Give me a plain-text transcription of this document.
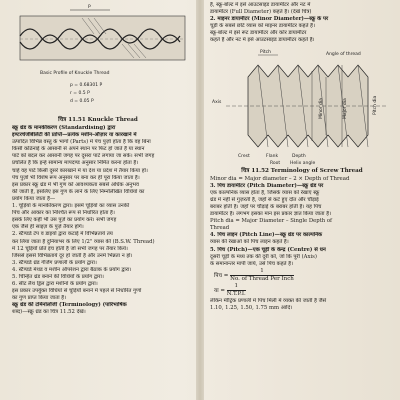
P
Basic Profile of Knuckle Thread
p = 0.68301 P
r = 0.5 P
d = 0.05 P
चित्र 11.51 Knuckle Thread
स्क्रू थ्रेड के मानकीकरण (Standardising) द्वारा
इण्टरचेंजेबिलिटी की प्राप्ति—प्रत्येक मशीन-औज़ार या कारखाने में
उत्पादित विभिन्न वस्तु के भागों (Parts) में पेच पुर्ज़ा होता है कि वह बिना
किसी कठिनाई के आसानी से अपने स्थान पर फिट हो जाते हैं या स्थान
पार्ट को बदल कर आसानी जगह पर दूसरा पार्ट लगाया जा सके। सभी जगह
प्रचलित है कि इन्हें सामान्य मापदण्ड अनुसार निर्मित करना होता है।
चाहे वह पार्ट किसी दूसरे कारखाने में या देश या प्रदेश में तैयार किया हो।
पेच पुर्ज़ा भी विशेष रूप अनुसार पर बना कर ही पूरा किया जाता है।
इस प्रकार स्क्रू थ्रेड में भी गुण को आवश्यकता सबसे अधिक अनुभव
की जाती है, इसलिए इस गुण के लाने के लिए निम्नलिखित विधियों का
प्रयोग किया जाता है—
1. चूड़ियों के मानकीकरण द्वारा। इसमें चूड़ियों का व्यास उनकी
पिच और आकार का निश्चित रूप से निर्धारित होता है।
इसके लिए कहीं भी उस पुर्ज़े का प्रयोग करें। सभी जगह
एक जैसे ही साइज़ के पुर्ज़े तैयार होंगे।
2. स्टैण्डर्ड टेप व डाइयों द्वारा कटाई में विभिन्नतायें तय
कर लिया जाता है दुनियाभर के लिए 1/2" व्यास की (B.S.W. Thread)
में 12 चूड़ियाँ प्रति इंच होती हैं जो सभी जगह पर तैयार किये।
जिससे इससे विभिन्नताये दूर हो जाती हैं और उनमें भिन्नता न हो।
3. स्टैण्डर्ड थ्रेड गेजिंग प्रणाली के प्रयोग द्वारा।
4. स्टैण्डर्ड मेथड व मशीन ऑपरेशन द्वारा बैठाक के प्रयोग द्वारा।
5. चिन्हित थ्रेड बनाने की विधियाँ के प्रयोग द्वारा।
6. सीट लैथ ड्रिल द्वारा मशीनों के प्रयोग द्वारा।
इस प्रकार उपर्युक्त विधियों से चूड़ियाँ बनाने में पहले से निर्धारित गुणों
का गुण प्राप्त किया जाता है।
स्क्रू थ्रेड की टर्मिनोलॉजी (Terminology) (पारिभाषिक
शब्द)—स्क्रू थ्रेड का चित्र 11.52 देखें।
हैं, स्क्रू-बोल्ट में इसे आउटसाइड डायामीटर और नट में
डायामीटर (Full Diameter) कहते हैं। (देखें चित्र)
2. माइनर डायामीटर (Minor Diameter)—स्क्रू के पर
चूड़ी के सबसे छोटे व्यास को माइनर डायामीटर कहते हैं।
स्क्रू-बोल्ट में इसे रूट डायामीटर और कोर डायामीटर
कहते हैं और नट में इसे आउटसाइड डायामीटर कहते हैं।
Pitch	Angle of thread
Axis	Minor dia	Major dia	Pitch dia
Crest	Flank	Depth
Root Helix angle
चित्र 11.52 Terminology of Screw Thread
Minor dia = Major diameter – 2 × Depth of Thread
3. पिच डायामीटर (Pitch Diameter)—स्क्रू थ्रेड पर
एक काल्पनिक व्यास होता है, जिसके व्यास को रेखाएं स्क्रू
थ्रेड में नहीं से गुज़रती हैं, जहाँ से कटे हुए दाँत और चौड़ाई
बराबर होती है। जहाँ पर चौड़ाई के बराबर होती है। यह पिच
डायामीटर है। लगभग इसका मान इस प्रकार ज्ञात किया जाता है।
Pitch dia = Major Diameter – Single Depth of
Thread
4. पिच लाइन (Pitch Line)—स्क्रू थ्रेड पर काल्पनिक
व्यास की रेखाओं को पिच लाइन कहते हैं।
5. पिच (Pitch)—एक चूड़ी के केन्द्र (Centre) से धन
दूसरी चूड़ी के मध्य तक की दूरी को, जो कि पूरी (Axis)
के समानान्तर मापी जाये, उसे पिच कहते हैं।
पिच = $\frac{1}{\text{No. of Thread Per Inch}}$
या = $\frac{1}{N.T.P.I.}$
लेकिन मीट्रिक प्रणाली में पिच मिली में व्यक्त की जाती है जैसे
1.10, 1.25, 1.50, 1.75 mm आदि।
